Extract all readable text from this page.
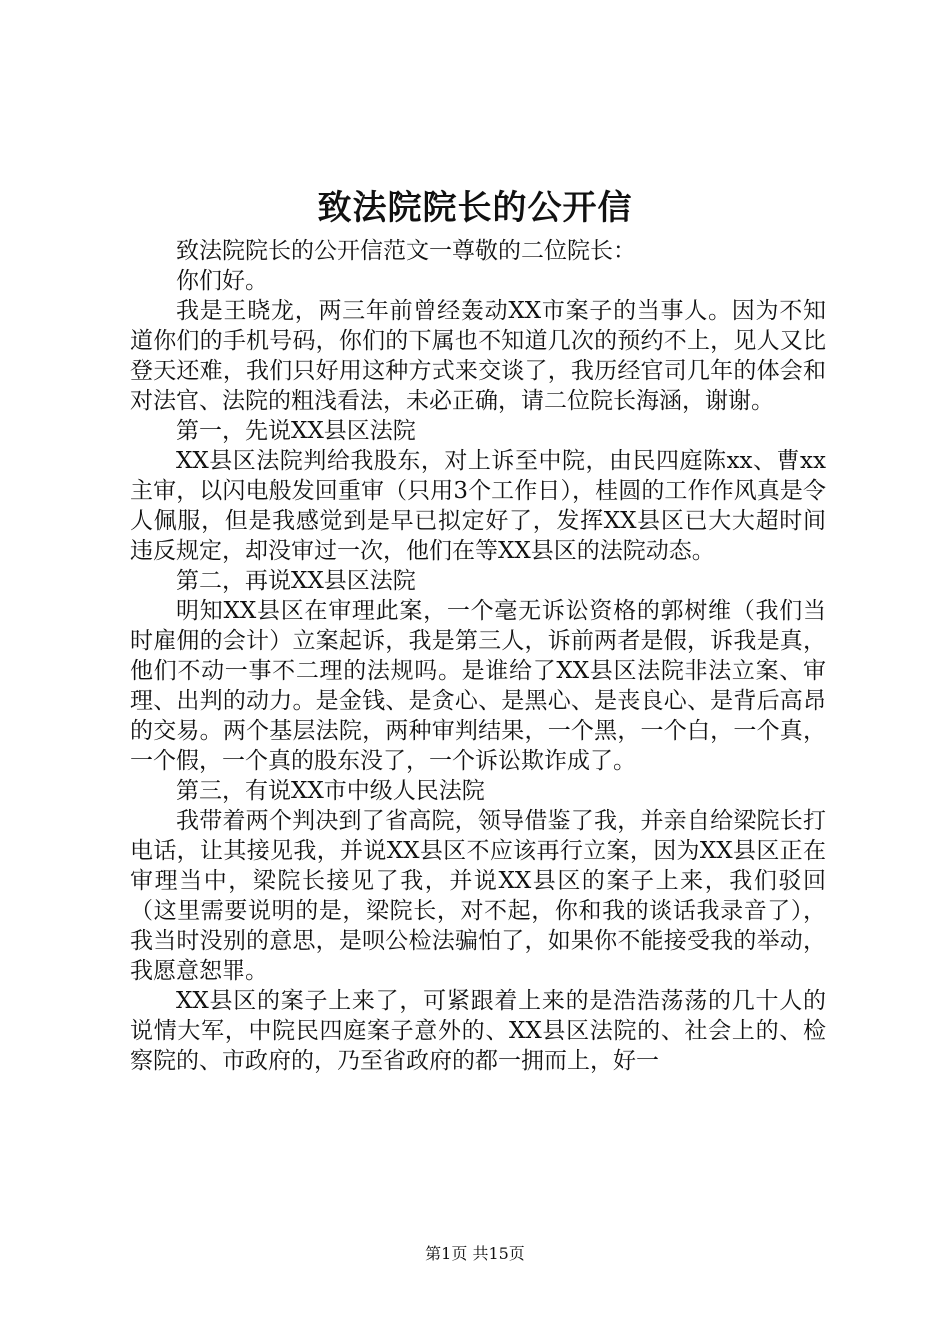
致法院院长的公开信

致法院院长的公开信范文一尊敬的二位院长：

你们好。

我是王晓龙，两三年前曾经轰动XX市案子的当事人。因为不知道你们的手机号码，你们的下属也不知道几次的预约不上，见人又比登天还难，我们只好用这种方式来交谈了，我历经官司几年的体会和对法官、法院的粗浅看法，未必正确，请二位院长海涵，谢谢。

第一，先说XX县区法院

XX县区法院判给我股东，对上诉至中院，由民四庭陈xx、曹xx主审，以闪电般发回重审（只用3个工作日），桂圆的工作作风真是令人佩服，但是我感觉到是早已拟定好了，发挥XX县区已大大超时间违反规定，却没审过一次，他们在等XX县区的法院动态。

第二，再说XX县区法院

明知XX县区在审理此案，一个毫无诉讼资格的郭树维（我们当时雇佣的会计）立案起诉，我是第三人，诉前两者是假，诉我是真，他们不动一事不二理的法规吗。是谁给了XX县区法院非法立案、审理、出判的动力。是金钱、是贪心、是黑心、是丧良心、是背后高昂的交易。两个基层法院，两种审判结果，一个黑，一个白，一个真，一个假，一个真的股东没了，一个诉讼欺诈成了。

第三，有说XX市中级人民法院

我带着两个判决到了省高院，领导借鉴了我，并亲自给梁院长打电话，让其接见我，并说XX县区不应该再行立案，因为XX县区正在审理当中，梁院长接见了我，并说XX县区的案子上来，我们驳回（这里需要说明的是，梁院长，对不起，你和我的谈话我录音了），我当时没别的意思，是呗公检法骗怕了，如果你不能接受我的举动，我愿意恕罪。

XX县区的案子上来了，可紧跟着上来的是浩浩荡荡的几十人的说情大军，中院民四庭案子意外的、XX县区法院的、社会上的、检察院的、市政府的，乃至省政府的都一拥而上，好一

第1页 共15页
